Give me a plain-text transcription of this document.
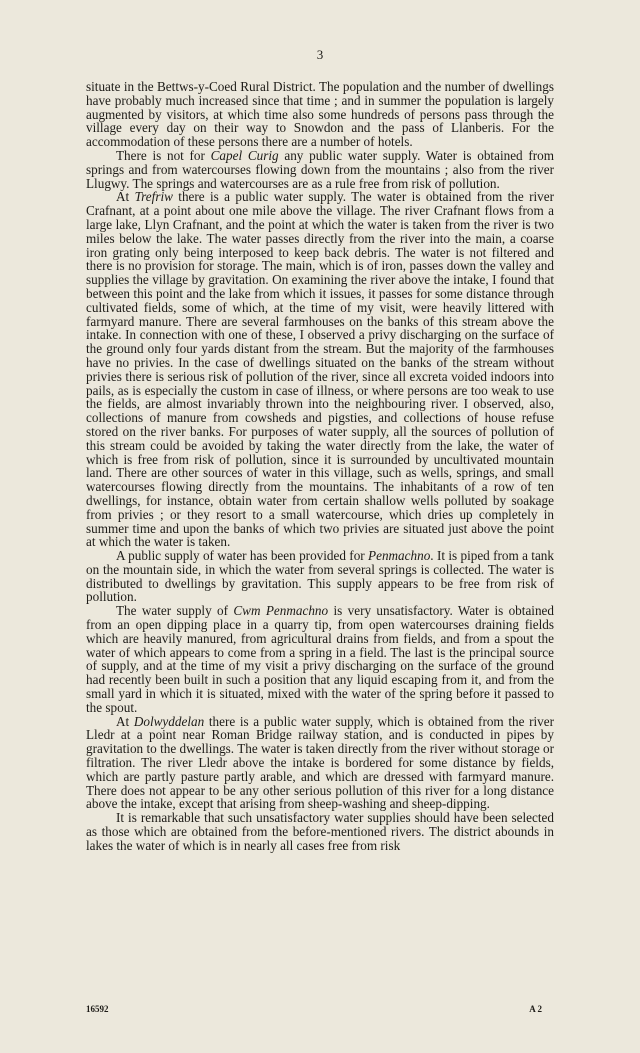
3

situate in the Bettws-y-Coed Rural District. The population and the number of dwellings have probably much increased since that time ; and in summer the population is largely augmented by visitors, at which time also some hundreds of persons pass through the village every day on their way to Snowdon and the pass of Llanberis. For the accommodation of these persons there are a number of hotels.

There is not for Capel Curig any public water supply. Water is obtained from springs and from watercourses flowing down from the mountains ; also from the river Llugwy. The springs and watercourses are as a rule free from risk of pollution.

At Trefriw there is a public water supply. The water is obtained from the river Crafnant, at a point about one mile above the village. The river Crafnant flows from a large lake, Llyn Crafnant, and the point at which the water is taken from the river is two miles below the lake. The water passes directly from the river into the main, a coarse iron grating only being interposed to keep back debris. The water is not filtered and there is no provision for storage. The main, which is of iron, passes down the valley and supplies the village by gravitation. On examining the river above the intake, I found that between this point and the lake from which it issues, it passes for some distance through cultivated fields, some of which, at the time of my visit, were heavily littered with farmyard manure. There are several farmhouses on the banks of this stream above the intake. In connection with one of these, I observed a privy discharging on the surface of the ground only four yards distant from the stream. But the majority of the farmhouses have no privies. In the case of dwellings situated on the banks of the stream without privies there is serious risk of pollution of the river, since all excreta voided indoors into pails, as is especially the custom in case of illness, or where persons are too weak to use the fields, are almost invariably thrown into the neighbouring river. I observed, also, collections of manure from cowsheds and pigsties, and collections of house refuse stored on the river banks. For purposes of water supply, all the sources of pollution of this stream could be avoided by taking the water directly from the lake, the water of which is free from risk of pollution, since it is surrounded by uncultivated mountain land. There are other sources of water in this village, such as wells, springs, and small watercourses flowing directly from the mountains. The inhabitants of a row of ten dwellings, for instance, obtain water from certain shallow wells polluted by soakage from privies ; or they resort to a small watercourse, which dries up completely in summer time and upon the banks of which two privies are situated just above the point at which the water is taken.

A public supply of water has been provided for Penmachno. It is piped from a tank on the mountain side, in which the water from several springs is collected. The water is distributed to dwellings by gravitation. This supply appears to be free from risk of pollution.

The water supply of Cwm Penmachno is very unsatisfactory. Water is obtained from an open dipping place in a quarry tip, from open watercourses draining fields which are heavily manured, from agricultural drains from fields, and from a spout the water of which appears to come from a spring in a field. The last is the principal source of supply, and at the time of my visit a privy discharging on the surface of the ground had recently been built in such a position that any liquid escaping from it, and from the small yard in which it is situated, mixed with the water of the spring before it passed to the spout.

At Dolwyddelan there is a public water supply, which is obtained from the river Lledr at a point near Roman Bridge railway station, and is conducted in pipes by gravitation to the dwellings. The water is taken directly from the river without storage or filtration. The river Lledr above the intake is bordered for some distance by fields, which are partly pasture partly arable, and which are dressed with farmyard manure. There does not appear to be any other serious pollution of this river for a long distance above the intake, except that arising from sheep-washing and sheep-dipping.

It is remarkable that such unsatisfactory water supplies should have been selected as those which are obtained from the before-mentioned rivers. The district abounds in lakes the water of which is in nearly all cases free from risk

16592	A 2
